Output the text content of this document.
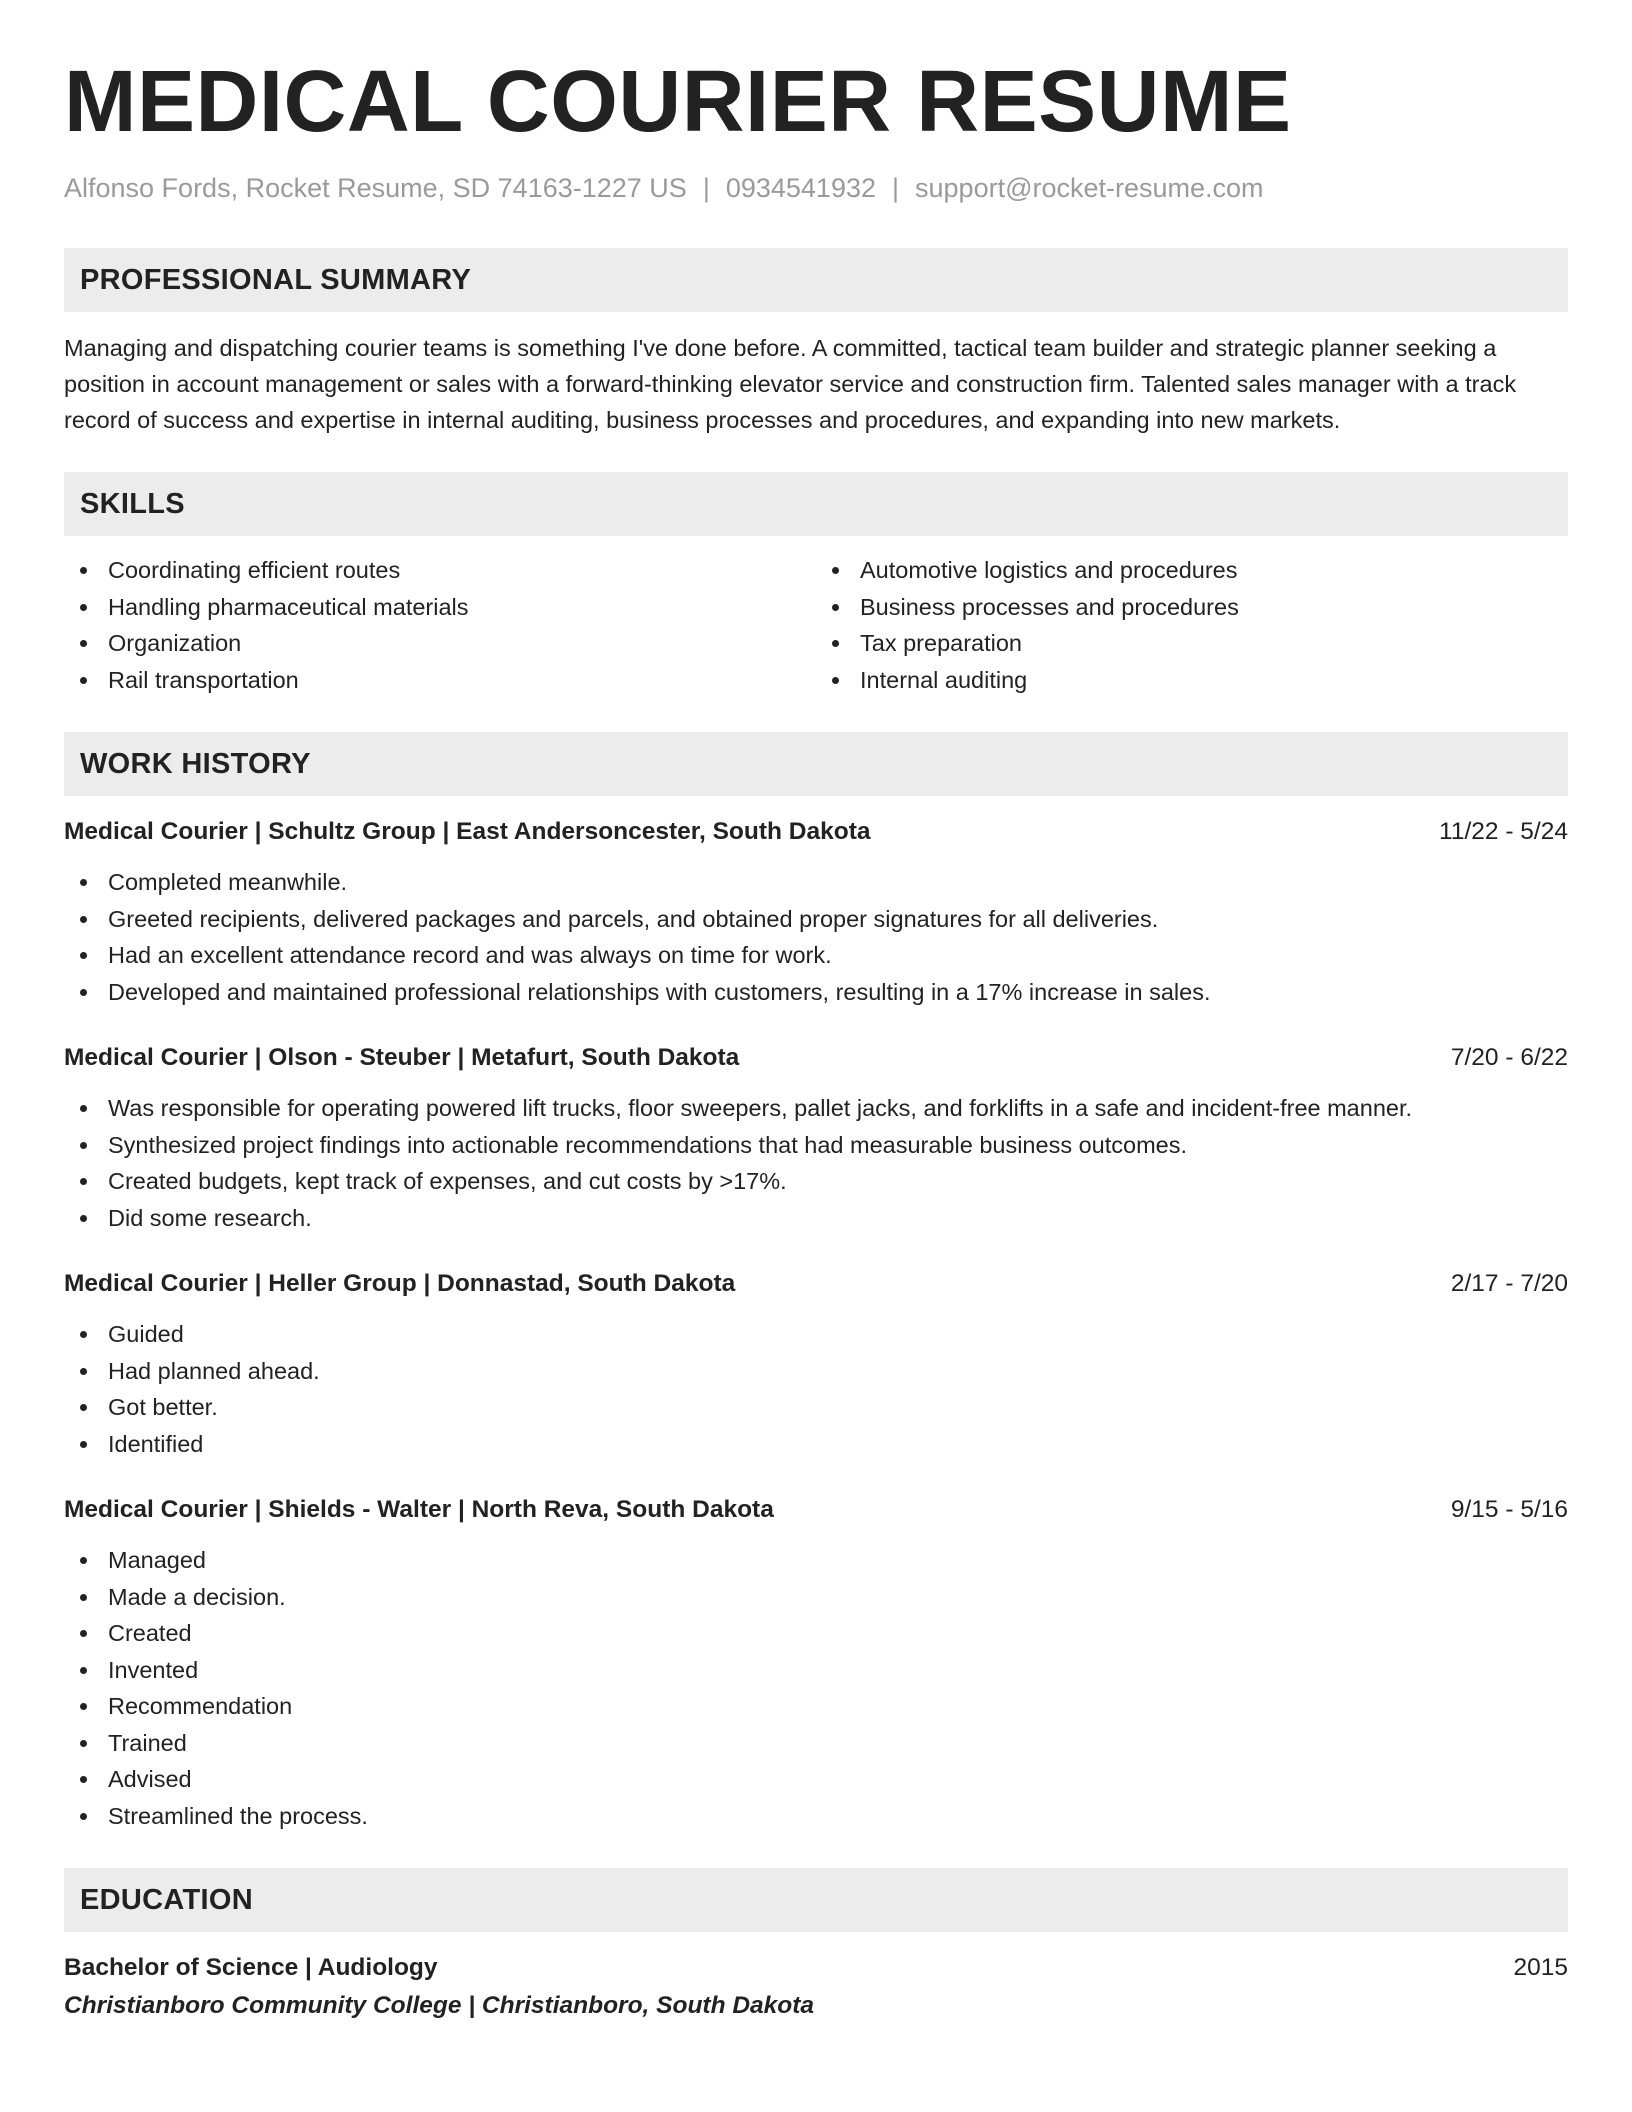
MEDICAL COURIER RESUME
Alfonso Fords, Rocket Resume, SD 74163-1227 US | 0934541932 | support@rocket-resume.com
PROFESSIONAL SUMMARY
Managing and dispatching courier teams is something I've done before. A committed, tactical team builder and strategic planner seeking a position in account management or sales with a forward-thinking elevator service and construction firm. Talented sales manager with a track record of success and expertise in internal auditing, business processes and procedures, and expanding into new markets.
SKILLS
Coordinating efficient routes
Handling pharmaceutical materials
Organization
Rail transportation
Automotive logistics and procedures
Business processes and procedures
Tax preparation
Internal auditing
WORK HISTORY
Medical Courier | Schultz Group | East Andersoncester, South Dakota	11/22 - 5/24
Completed meanwhile.
Greeted recipients, delivered packages and parcels, and obtained proper signatures for all deliveries.
Had an excellent attendance record and was always on time for work.
Developed and maintained professional relationships with customers, resulting in a 17% increase in sales.
Medical Courier | Olson - Steuber | Metafurt, South Dakota	7/20 - 6/22
Was responsible for operating powered lift trucks, floor sweepers, pallet jacks, and forklifts in a safe and incident-free manner.
Synthesized project findings into actionable recommendations that had measurable business outcomes.
Created budgets, kept track of expenses, and cut costs by >17%.
Did some research.
Medical Courier | Heller Group | Donnastad, South Dakota	2/17 - 7/20
Guided
Had planned ahead.
Got better.
Identified
Medical Courier | Shields - Walter | North Reva, South Dakota	9/15 - 5/16
Managed
Made a decision.
Created
Invented
Recommendation
Trained
Advised
Streamlined the process.
EDUCATION
Bachelor of Science | Audiology	2015
Christianboro Community College | Christianboro, South Dakota
